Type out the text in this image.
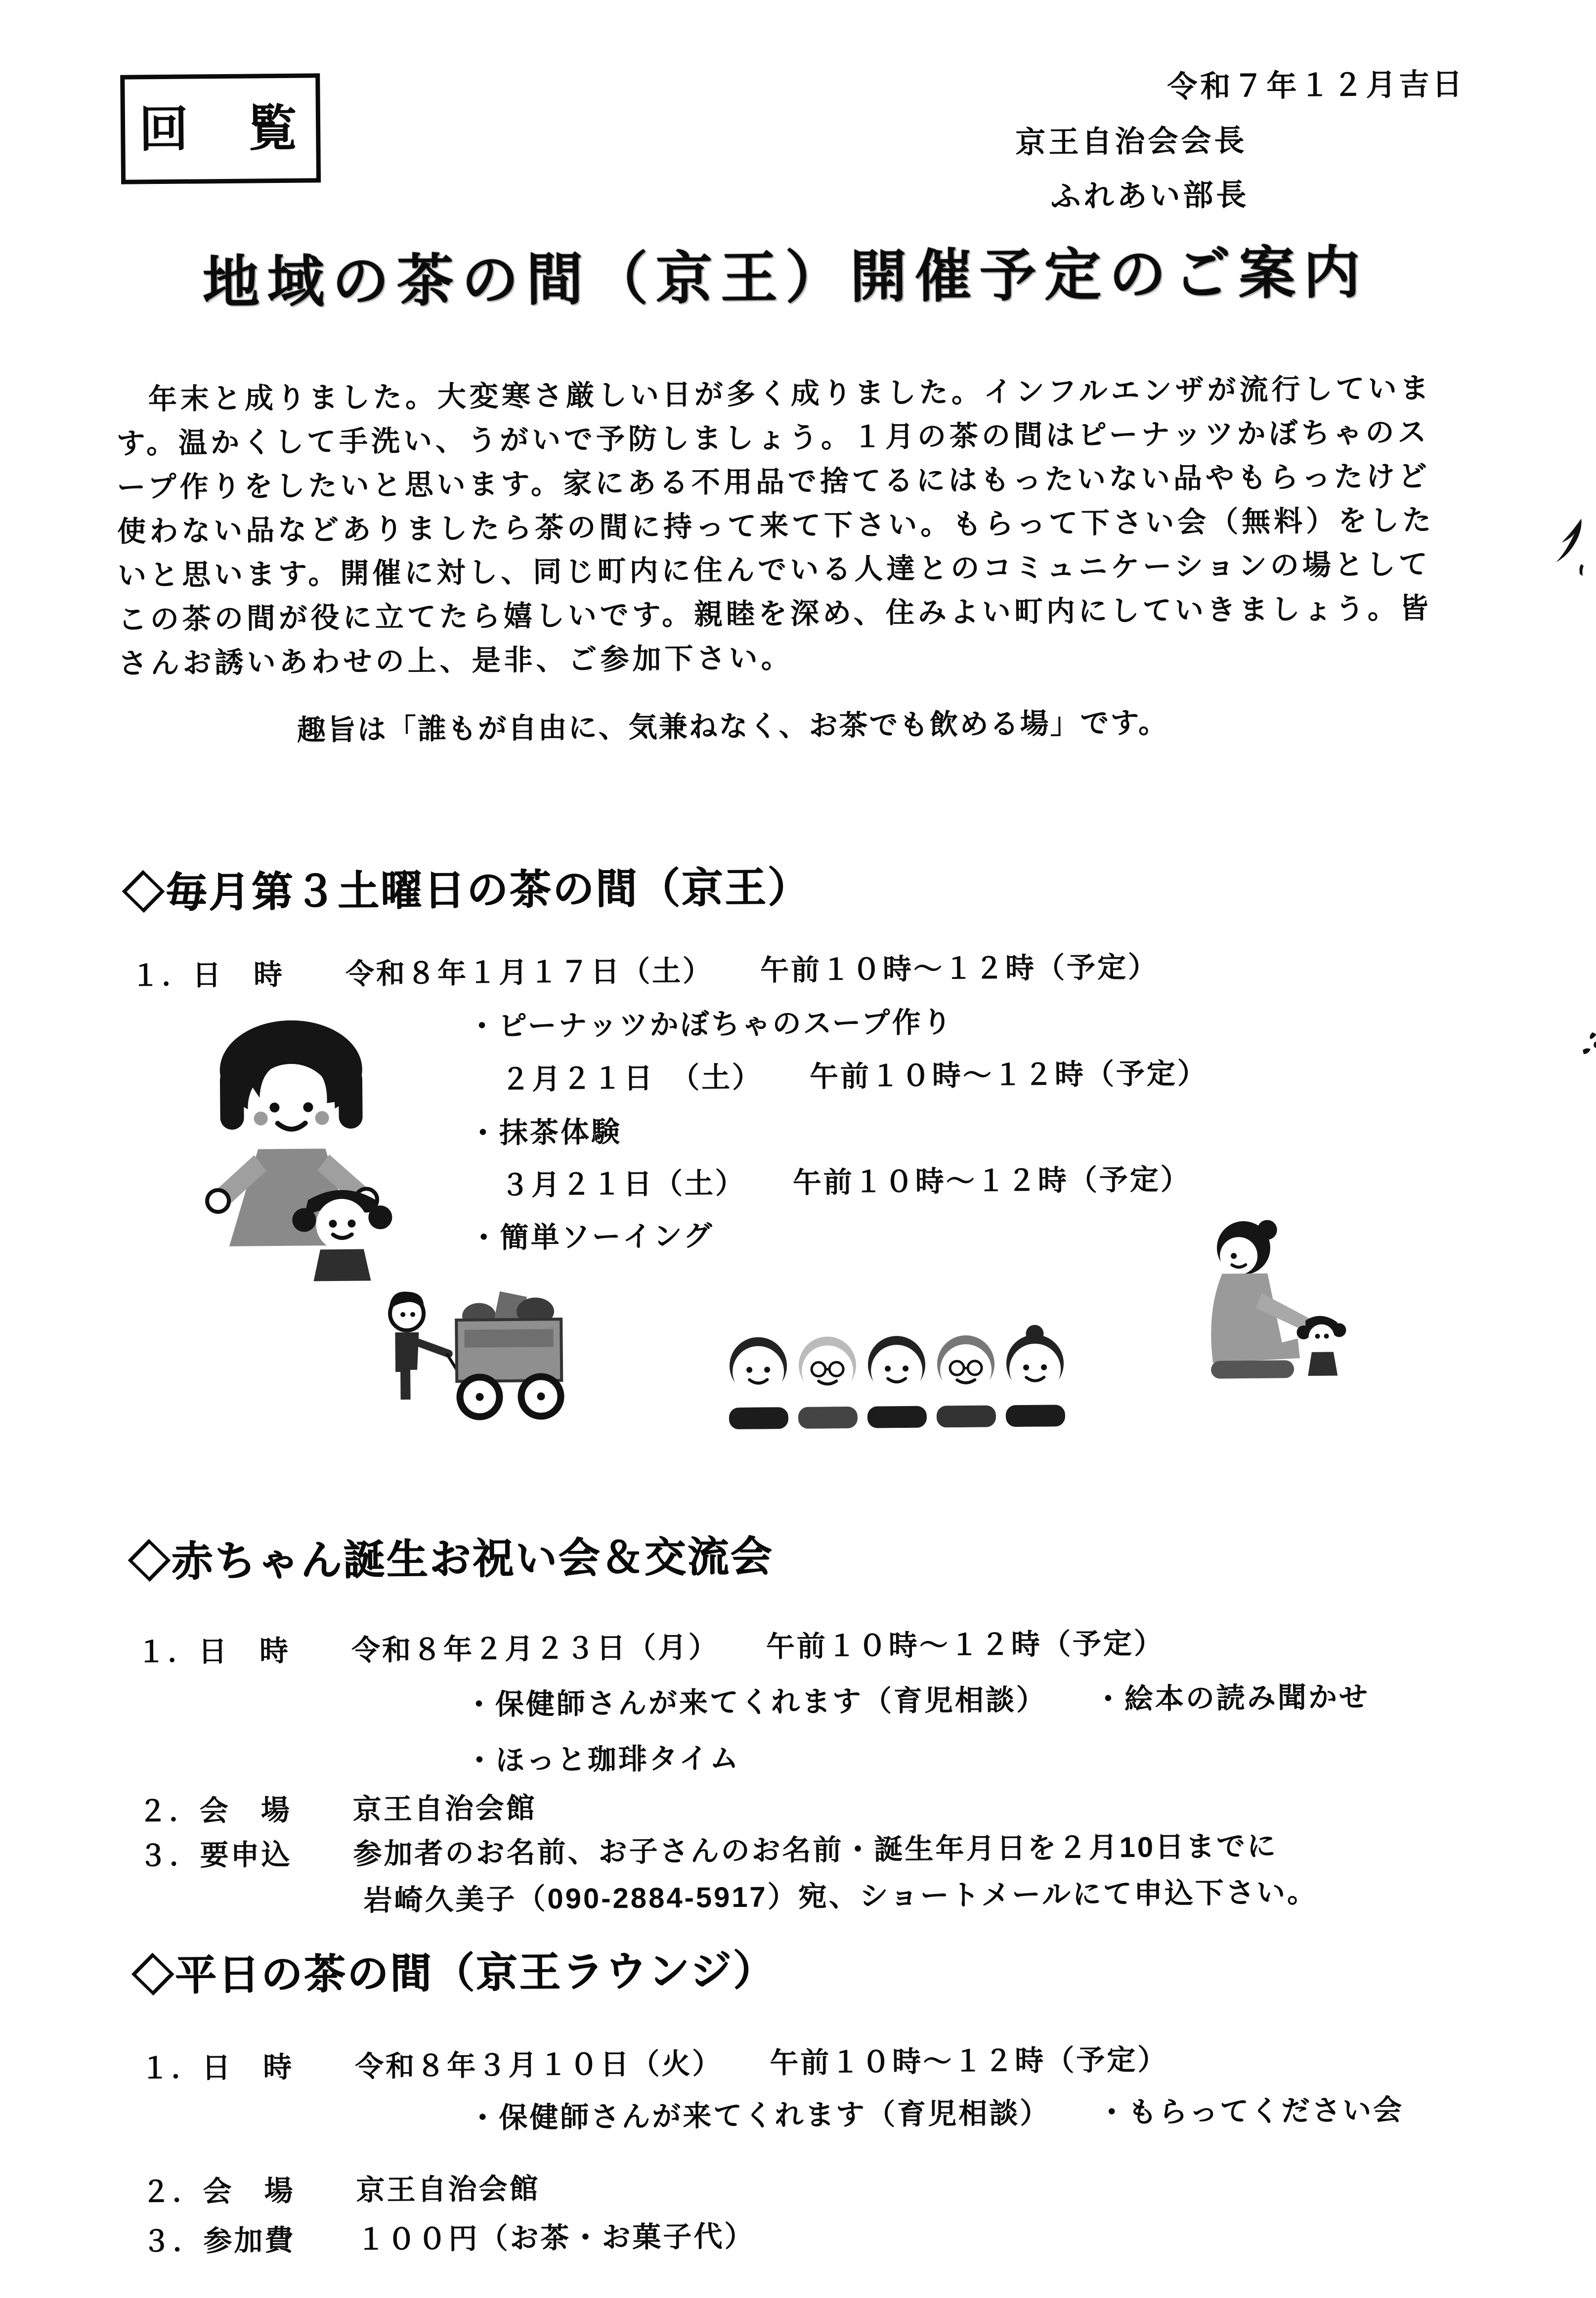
回　覧
令和７年１２月吉日
京王自治会会長
ふれあい部長
地域の茶の間（京王）開催予定のご案内
　年末と成りました。大変寒さ厳しい日が多く成りました。インフルエンザが流行していま
す。温かくして手洗い、うがいで予防しましょう。１月の茶の間はピーナッツかぼちゃのス
ープ作りをしたいと思います。家にある不用品で捨てるにはもったいない品やもらったけど
使わない品などありましたら茶の間に持って来て下さい。もらって下さい会（無料）をした
いと思います。開催に対し、同じ町内に住んでいる人達とのコミュニケーションの場として
この茶の間が役に立てたら嬉しいです。親睦を深め、住みよい町内にしていきましょう。皆
さんお誘いあわせの上、是非、ご参加下さい。
趣旨は「誰もが自由に、気兼ねなく、お茶でも飲める場」です。
◇毎月第３土曜日の茶の間（京王）
１．日　時　　令和８年１月１７日（土）　　午前１０時～１２時（予定）
・ピーナッツかぼちゃのスープ作り
２月２１日　（土）　　午前１０時～１２時（予定）
・抹茶体験
３月２１日（土）　　午前１０時～１２時（予定）
・簡単ソーイング
◇赤ちゃん誕生お祝い会＆交流会
１．日　時　　令和８年２月２３日（月）　　午前１０時～１２時（予定）
・保健師さんが来てくれます（育児相談）　　・絵本の読み聞かせ
・ほっと珈琲タイム
２．会　場　　京王自治会館
３．要申込　　参加者のお名前、お子さんのお名前・誕生年月日を２月10日までに
岩崎久美子（090-2884-5917）宛、ショートメールにて申込下さい。
◇平日の茶の間（京王ラウンジ）
１．日　時　　令和８年３月１０日（火）　　午前１０時～１２時（予定）
・保健師さんが来てくれます（育児相談）　　・もらってください会
２．会　場　　京王自治会館
３．参加費　　１００円（お茶・お菓子代）
